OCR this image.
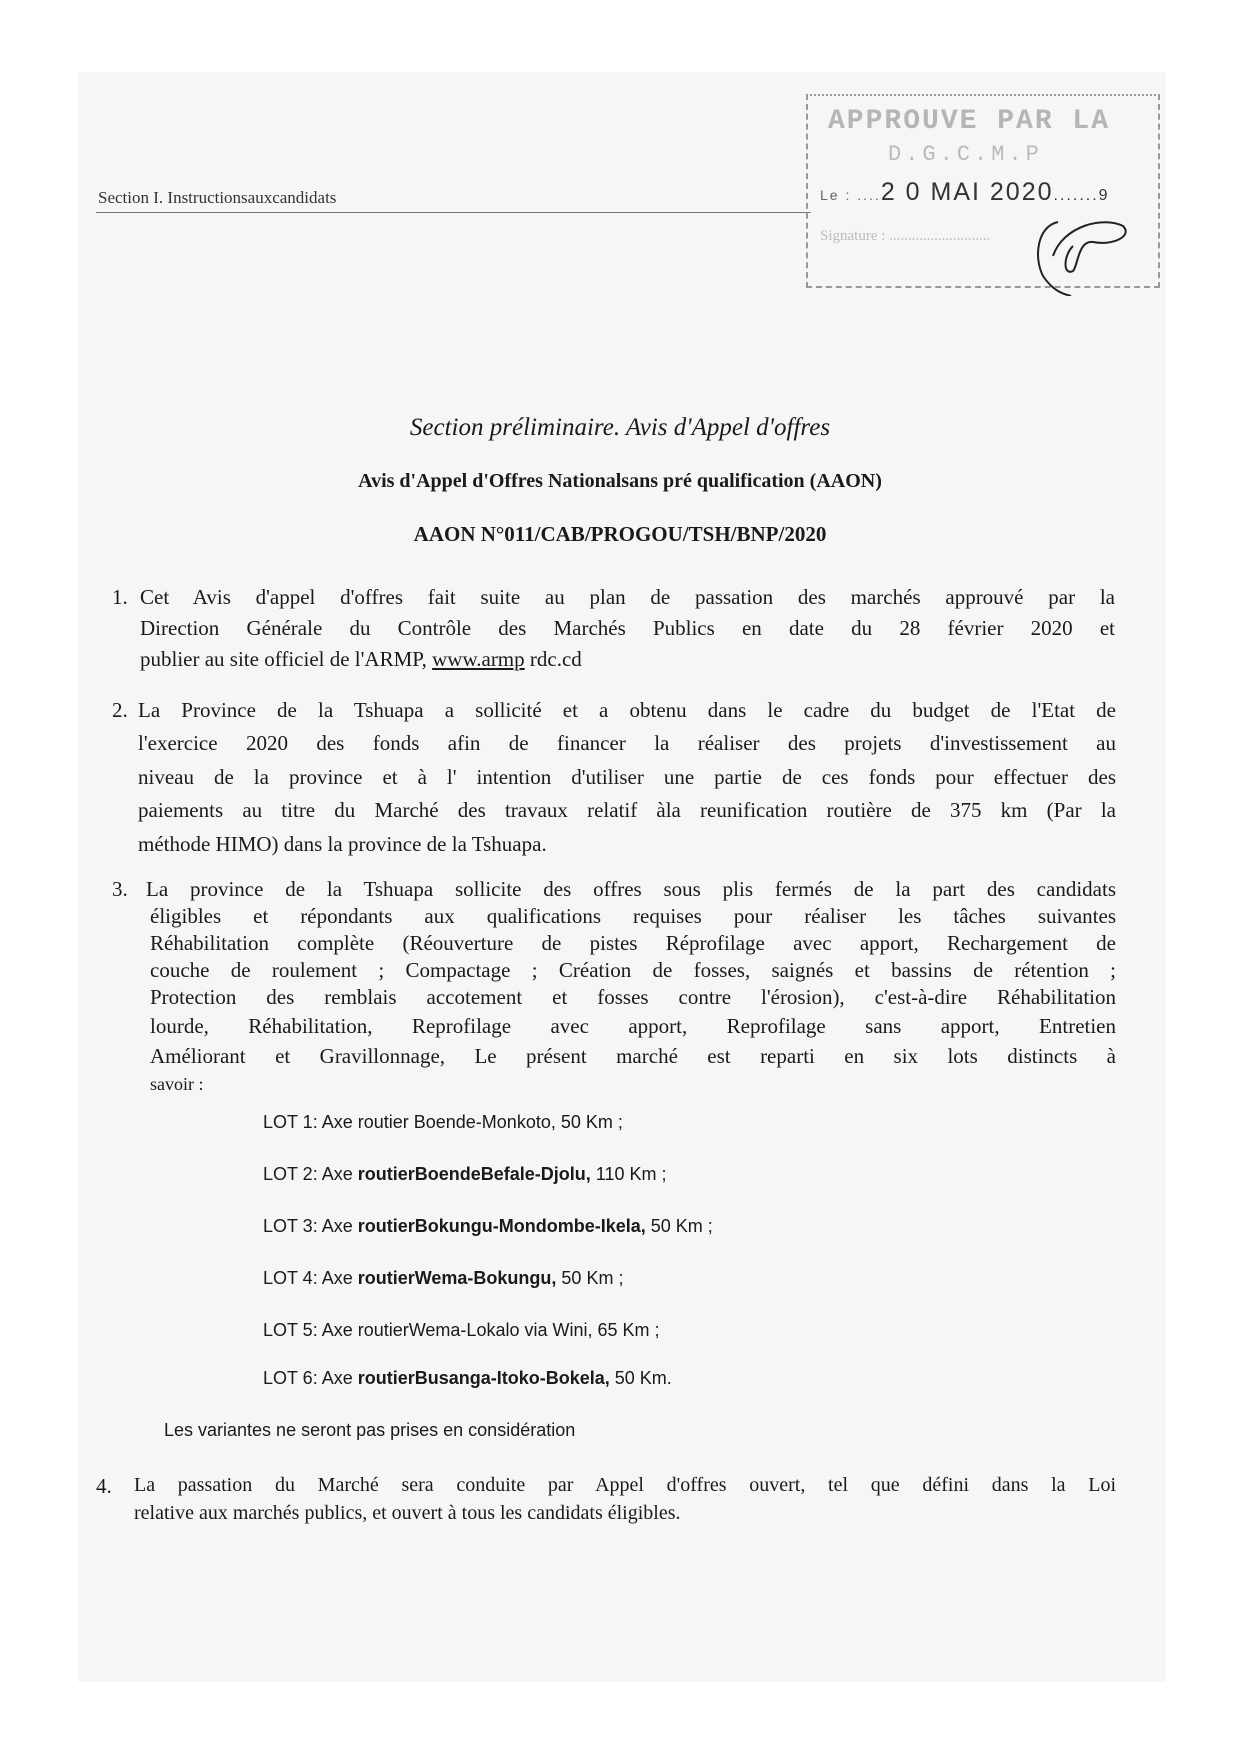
Section I. Instructionsauxcandidats
APPROUVE PAR LA
D.G.C.M.P
Le : ....2 0 MAI 2020.......9
Signature : ...........................
Section préliminaire. Avis d'Appel d'offres
Avis d'Appel d'Offres Nationalsans pré qualification (AAON)
AAON N°011/CAB/PROGOU/TSH/BNP/2020
1. Cet Avis d'appel d'offres fait suite au plan de passation des marchés approuvé par la
Direction Générale du Contrôle des Marchés Publics en date du 28 février 2020 et
publier au site officiel de l'ARMP, www.armp rdc.cd
2. La Province de la Tshuapa a sollicité et a obtenu dans le cadre du budget de l'Etat de
l'exercice 2020 des fonds afin de financer la réaliser des projets d'investissement au
niveau de la province et à l' intention d'utiliser une partie de ces fonds pour effectuer des
paiements au titre du Marché des travaux relatif àla reunification routière de 375 km (Par la
méthode HIMO) dans la province de la Tshuapa.
3. La province de la Tshuapa sollicite des offres sous plis fermés de la part des candidats
éligibles et répondants aux qualifications requises pour réaliser les tâches suivantes
Réhabilitation complète (Réouverture de pistes Réprofilage avec apport, Rechargement de
couche de roulement ; Compactage ; Création de fosses, saignés et bassins de rétention ;
Protection des remblais accotement et fosses contre l'érosion), c'est-à-dire Réhabilitation
lourde, Réhabilitation, Reprofilage avec apport, Reprofilage sans apport, Entretien
Améliorant et Gravillonnage, Le présent marché est reparti en six lots distincts à
savoir :
LOT 1: Axe routier Boende-Monkoto, 50 Km ;
LOT 2: Axe routierBoendeBefale-Djolu, 110 Km ;
LOT 3: Axe routierBokungu-Mondombe-Ikela, 50 Km ;
LOT 4: Axe routierWema-Bokungu, 50 Km ;
LOT 5: Axe routierWema-Lokalo via Wini, 65 Km ;
LOT 6: Axe routierBusanga-Itoko-Bokela, 50 Km.
Les variantes ne seront pas prises en considération
4. La passation du Marché sera conduite par Appel d'offres ouvert, tel que défini dans la Loi
relative aux marchés publics, et ouvert à tous les candidats éligibles.
